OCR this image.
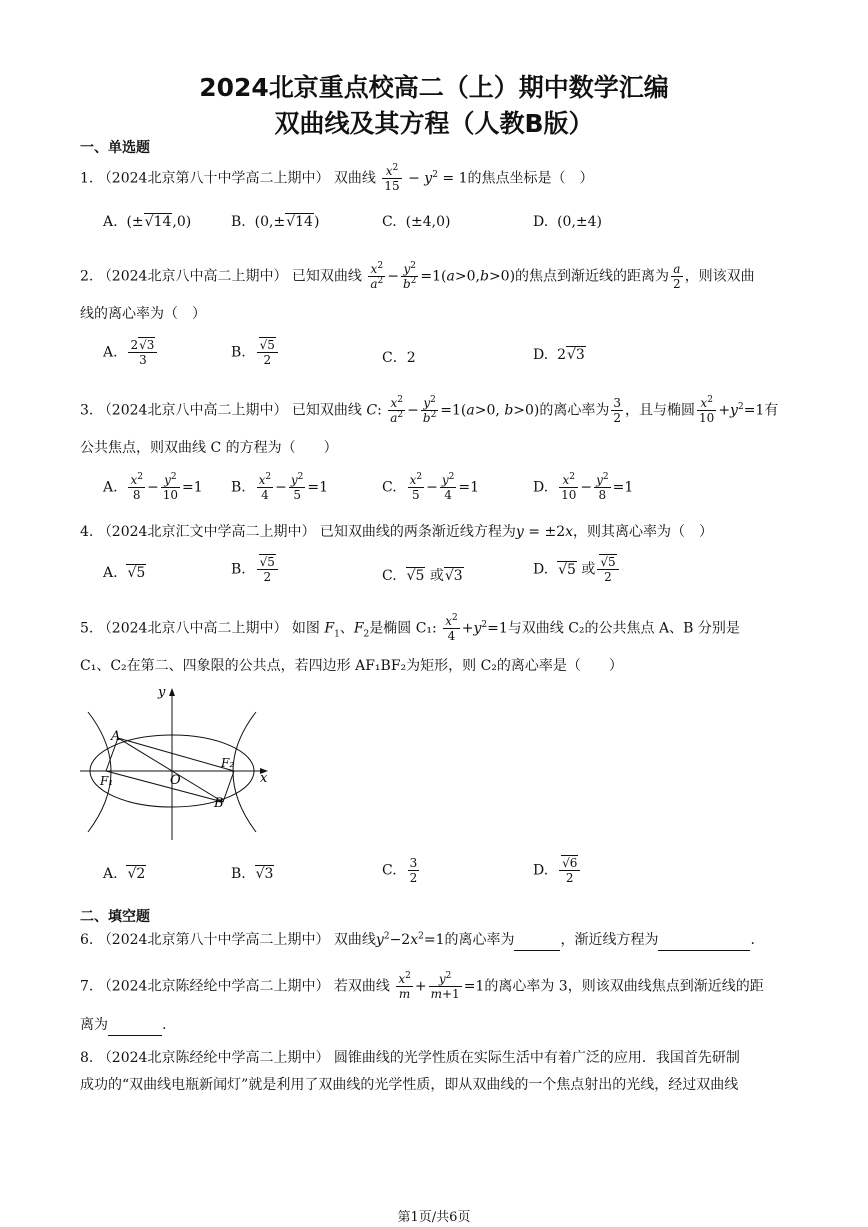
2024北京重点校高二（上）期中数学汇编
双曲线及其方程（人教B版）
一、单选题
1. （2024北京第八十中学高二上期中） 双曲线 $\frac{x^2}{15} - y^2 = 1$的焦点坐标是（　）
A.  (±√14,0)	B.  (0,±√14)	C.  (±4,0)	D.  (0,±4)
2. （2024北京八中高二上期中） 已知双曲线 $\frac{x^2}{a^2} - \frac{y^2}{b^2} =1(a>0,b>0)$的焦点到渐近线的距离为 $\frac{a}{2}$ ，则该双曲
线的离心率为（　）
A. $\frac{2√3}{3}$	B. $\frac{√5}{2}$	C．2	D.  2√3
3. （2024北京八中高二上期中） 已知双曲线 C: $\frac{x^2}{a^2} - \frac{y^2}{b^2} =1(a>0$, b>0)的离心率为 $\frac{3}{2}$ ，且与椭圆 $\frac{x^2}{10} +y^2=1$有
公共焦点，则双曲线 C 的方程为（　　）
A. $\frac{x^2}{8} - \frac{y^2}{10} =1$ B. $\frac{x^2}{4} - \frac{y^2}{5} =1$	C. $\frac{x^2}{5} - \frac{y^2}{4} =1$	D. $\frac{x^2}{10} - \frac{y^2}{8} =1$
4. （2024北京汇文中学高二上期中） 已知双曲线的两条渐近线方程为y = ±2x，则其离心率为（　）
A.  √5	B. $\frac{√5}{2}$	C.  √5 或√3	D.  √5 或 $\frac{√5}{2}$
5. （2024北京八中高二上期中） 如图 $F_1$、$F_2$是椭圆 C₁: $\frac{x^2}{4} +y^2=1$与双曲线 C₂的公共焦点 A、B 分别是
C₁、C₂在第二、四象限的公共点，若四边形 AF₁BF₂为矩形，则 C₂的离心率是（　　）
y
x
O
A
B
F₁
F₂
A.  √2	B.  √3	C. $\frac{3}{2}$	D. $\frac{√6}{2}$
二、填空题
6. （2024北京第八十中学高二上期中） 双曲线$y^2-2x^2=1$的离心率为	，渐近线方程为	.
7. （2024北京陈经纶中学高二上期中） 若双曲线 $\frac{x^2}{m} + \frac{y^2}{m+1} =1$的离心率为 3，则该双曲线焦点到渐近线的距
离为	.
8. （2024北京陈经纶中学高二上期中） 圆锥曲线的光学性质在实际生活中有着广泛的应用．我国首先研制
成功的“双曲线电瓶新闻灯”就是利用了双曲线的光学性质，即从双曲线的一个焦点射出的光线，经过双曲线
第1页/共6页
